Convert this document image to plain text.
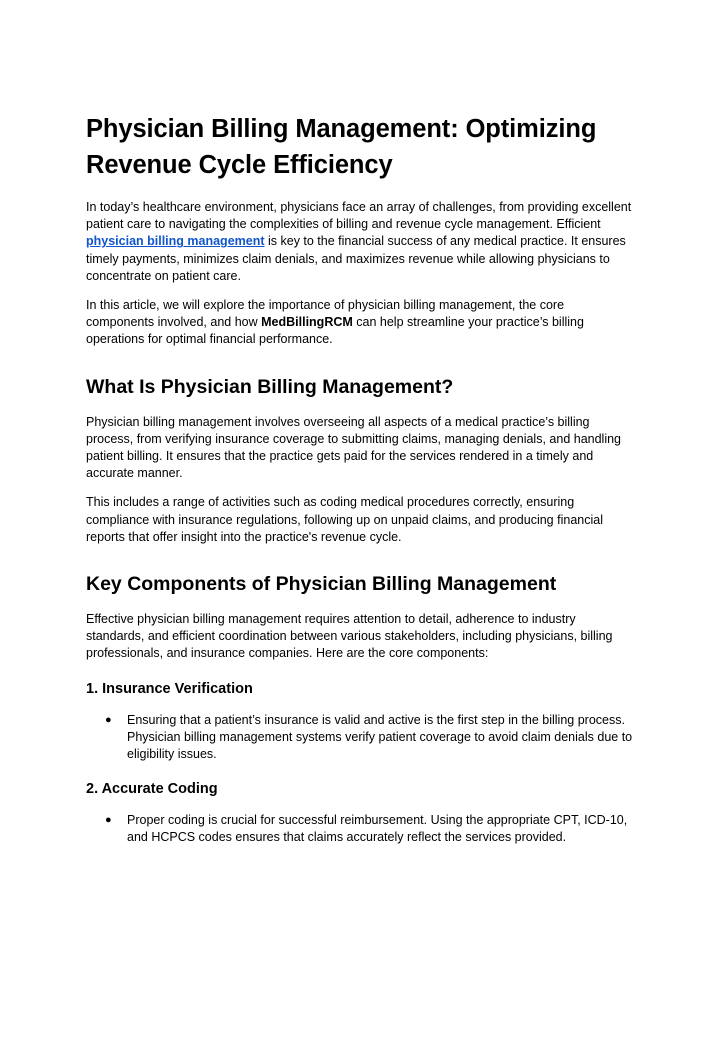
Physician Billing Management: Optimizing Revenue Cycle Efficiency

In today’s healthcare environment, physicians face an array of challenges, from providing excellent patient care to navigating the complexities of billing and revenue cycle management. Efficient physician billing management is key to the financial success of any medical practice. It ensures timely payments, minimizes claim denials, and maximizes revenue while allowing physicians to concentrate on patient care.

In this article, we will explore the importance of physician billing management, the core components involved, and how MedBillingRCM can help streamline your practice’s billing operations for optimal financial performance.

What Is Physician Billing Management?

Physician billing management involves overseeing all aspects of a medical practice’s billing process, from verifying insurance coverage to submitting claims, managing denials, and handling patient billing. It ensures that the practice gets paid for the services rendered in a timely and accurate manner.

This includes a range of activities such as coding medical procedures correctly, ensuring compliance with insurance regulations, following up on unpaid claims, and producing financial reports that offer insight into the practice's revenue cycle.

Key Components of Physician Billing Management

Effective physician billing management requires attention to detail, adherence to industry standards, and efficient coordination between various stakeholders, including physicians, billing professionals, and insurance companies. Here are the core components:

1. Insurance Verification
● Ensuring that a patient’s insurance is valid and active is the first step in the billing process. Physician billing management systems verify patient coverage to avoid claim denials due to eligibility issues.
2. Accurate Coding
● Proper coding is crucial for successful reimbursement. Using the appropriate CPT, ICD-10, and HCPCS codes ensures that claims accurately reflect the services provided.
